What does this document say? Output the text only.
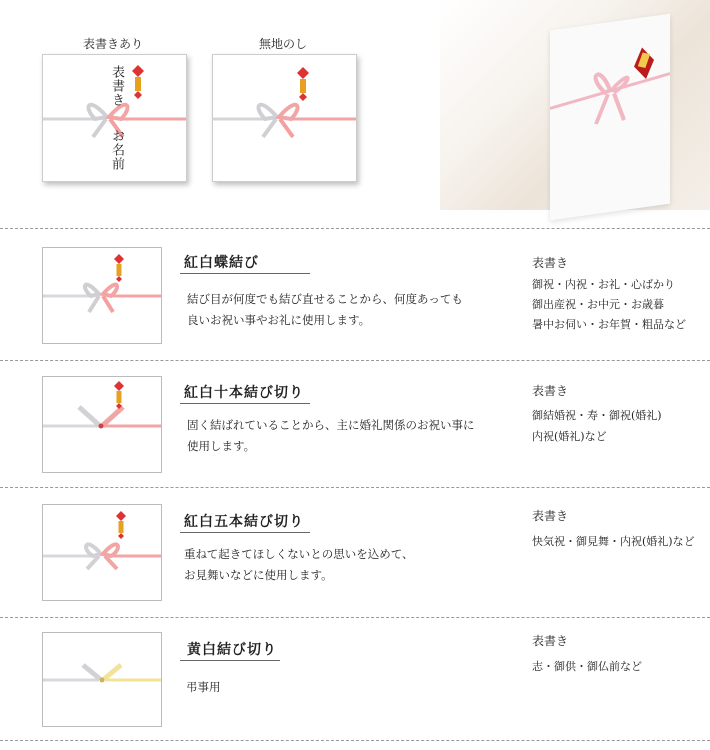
表書きあり	無地のし
表書き
お名前
紅白蝶結び
結び目が何度でも結び直せることから、何度あっても
良いお祝い事やお礼に使用します。
表書き
御祝・内祝・お礼・心ばかり
御出産祝・お中元・お歳暮
暑中お伺い・お年賀・粗品など
紅白十本結び切り
固く結ばれていることから、主に婚礼関係のお祝い事に
使用します。
表書き
御結婚祝・寿・御祝(婚礼)
内祝(婚礼)など
紅白五本結び切り
重ねて起きてほしくないとの思いを込めて、
お見舞いなどに使用します。
表書き
快気祝・御見舞・内祝(婚礼)など
黄白結び切り
弔事用
表書き
志・御供・御仏前など
